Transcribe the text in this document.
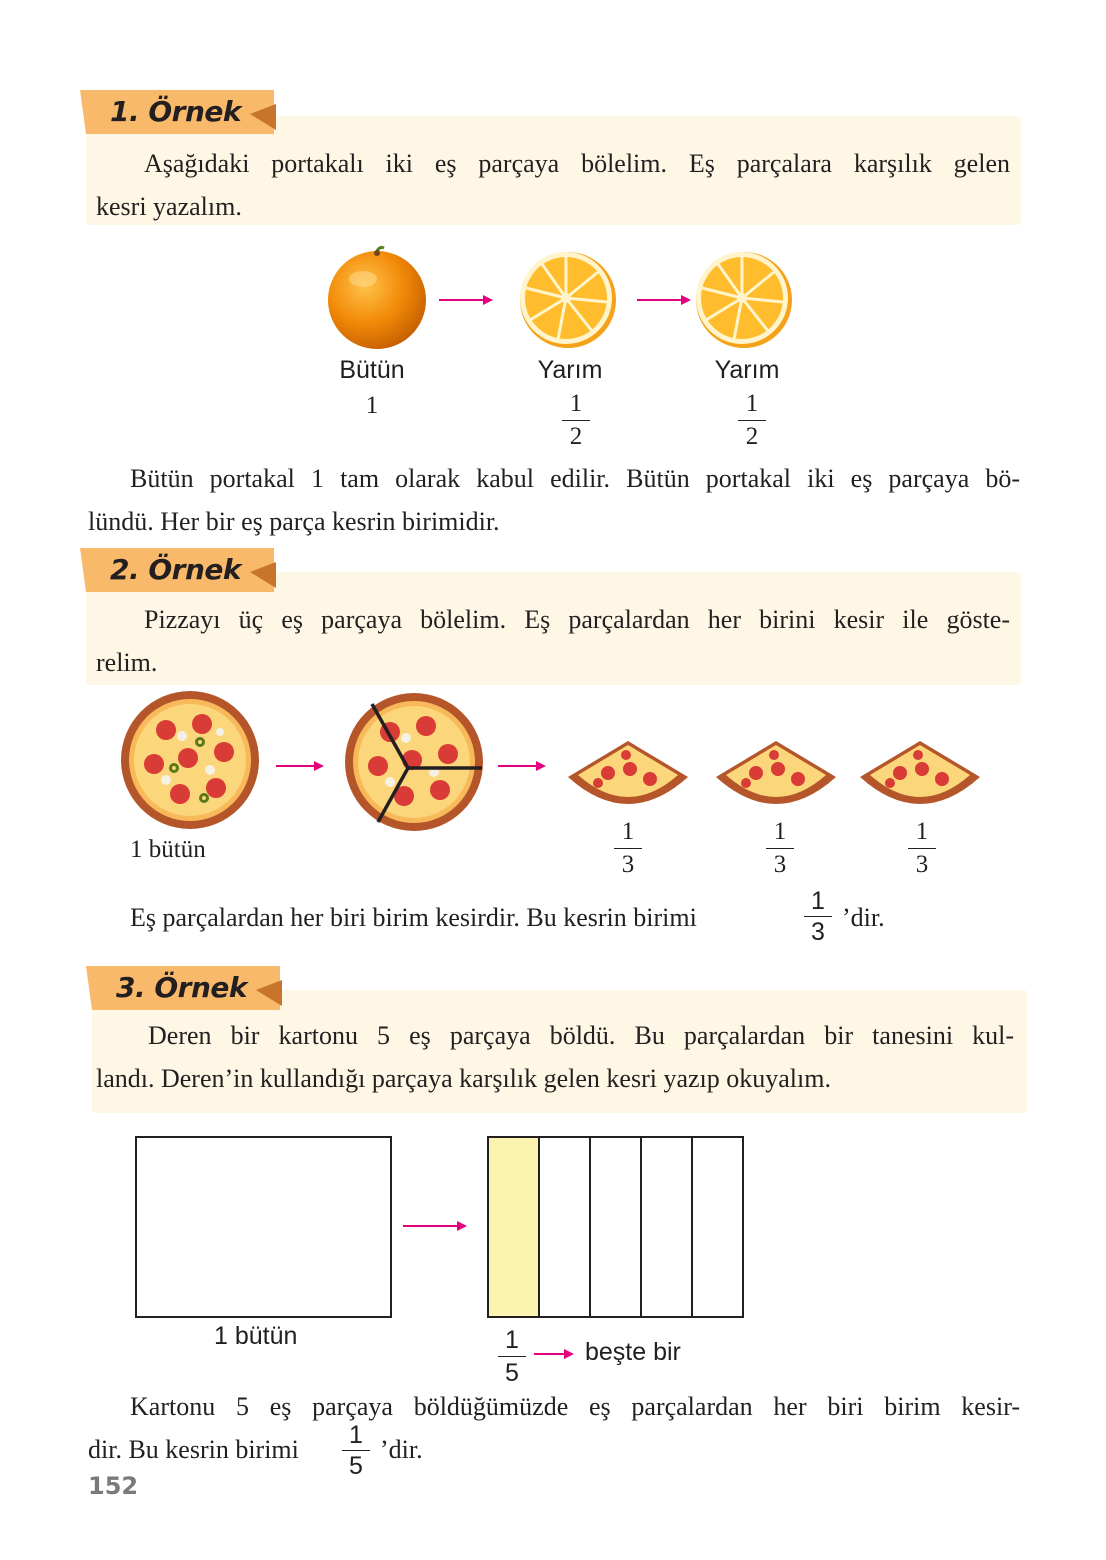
1. Örnek
Aşağıdaki portakalı iki eş parçaya bölelim. Eş parçalara karşılık gelen
kesri yazalım.
Bütün
1
Yarım
1
2
Yarım
1
2
Bütün portakal 1 tam olarak kabul edilir. Bütün portakal iki eş parçaya bö-
lündü. Her bir eş parça kesrin birimidir.
2. Örnek
Pizzayı üç eş parçaya bölelim. Eş parçalardan her birini kesir ile göste-
relim.
1 bütün
1
3
1
3
1
3
Eş parçalardan her biri birim kesirdir. Bu kesrin birimi
1
3 ’dir.
3. Örnek
Deren bir kartonu 5 eş parçaya böldü. Bu parçalardan bir tanesini kul-
landı. Deren’in kullandığı parçaya karşılık gelen kesri yazıp okuyalım.
1 bütün	1
5
beşte bir
Kartonu 5 eş parçaya böldüğümüzde eş parçalardan her biri birim kesir-
dir. Bu kesrin birimi	1
5
’dir.
152
